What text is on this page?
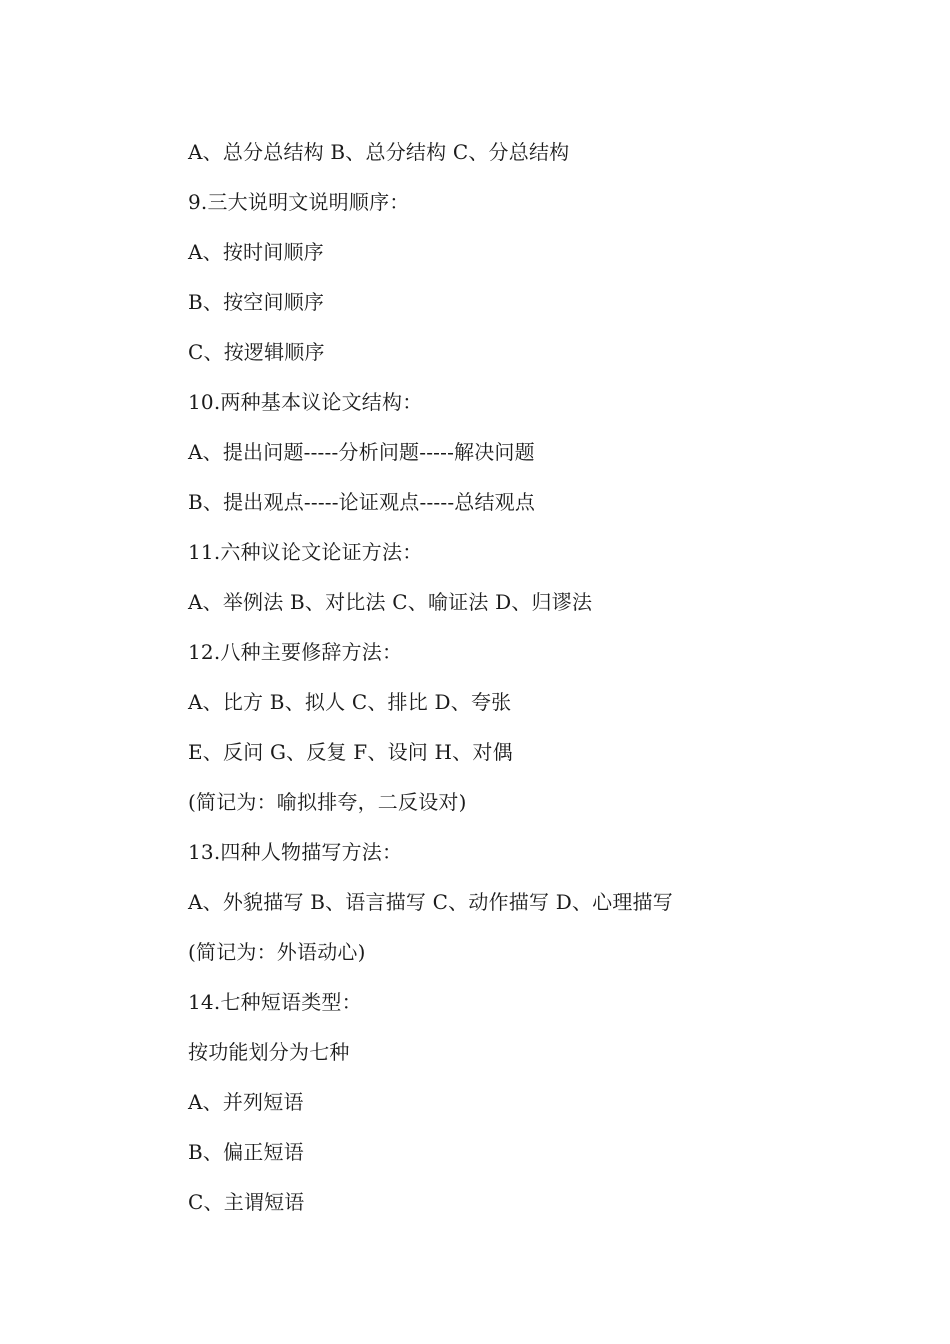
A、总分总结构 B、总分结构 C、分总结构
9.三大说明文说明顺序：
A、按时间顺序
B、按空间顺序
C、按逻辑顺序
10.两种基本议论文结构：
A、提出问题-----分析问题-----解决问题
B、提出观点-----论证观点-----总结观点
11.六种议论文论证方法：
A、举例法 B、对比法 C、喻证法 D、归谬法
12.八种主要修辞方法：
A、比方 B、拟人 C、排比 D、夸张
E、反问 G、反复 F、设问 H、对偶
(简记为：喻拟排夸，二反设对)
13.四种人物描写方法：
A、外貌描写 B、语言描写 C、动作描写 D、心理描写
(简记为：外语动心)
14.七种短语类型：
按功能划分为七种
A、并列短语
B、偏正短语
C、主谓短语
